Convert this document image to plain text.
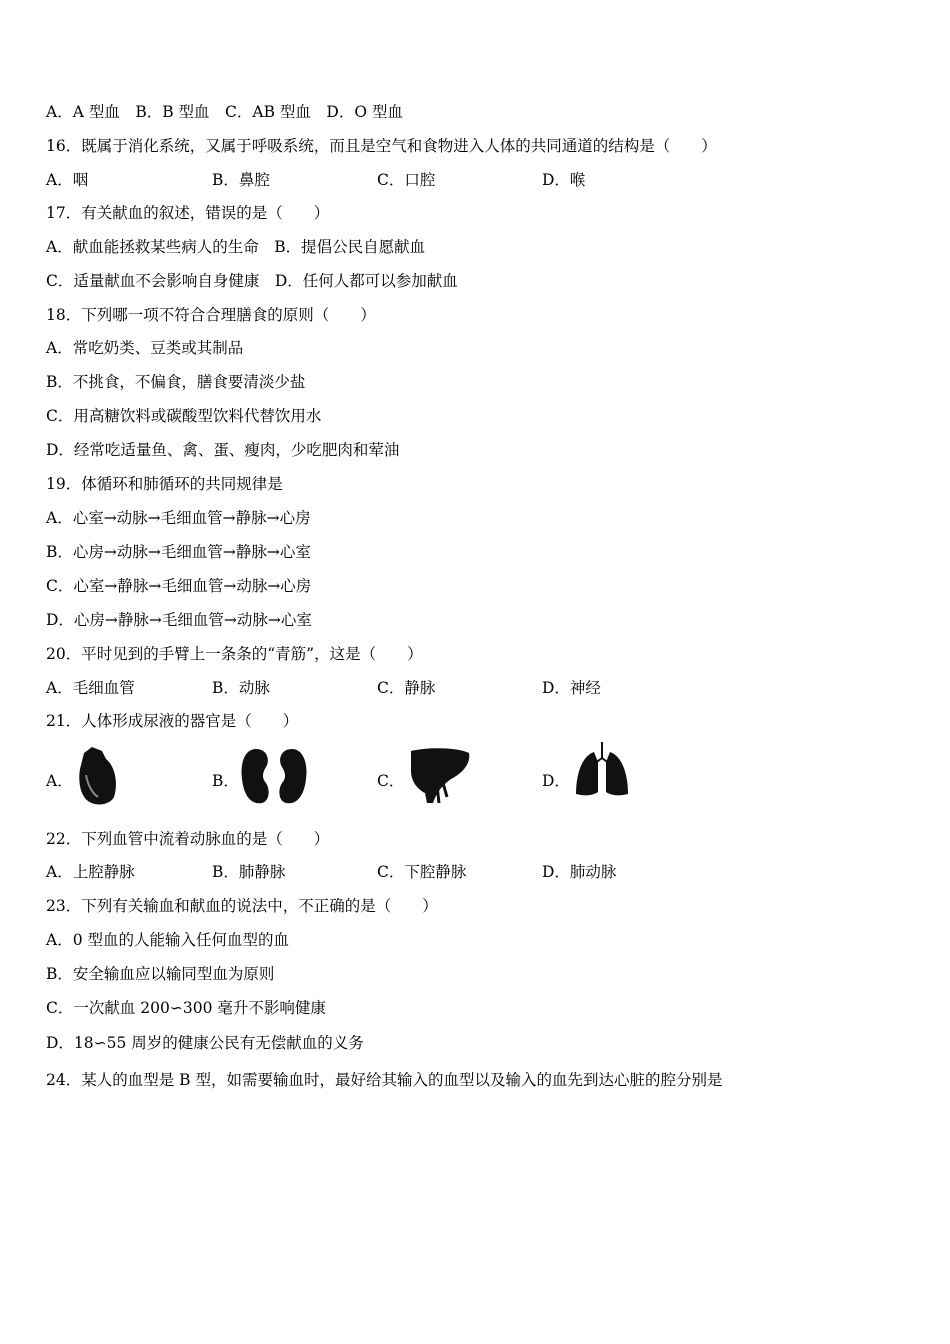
A．A 型血　B．B 型血　C．AB 型血　D．O 型血
16．既属于消化系统，又属于呼吸系统，而且是空气和食物进入人体的共同通道的结构是（　　）
A．咽	B．鼻腔	C．口腔	D．喉
17．有关献血的叙述，错误的是（　　）
A．献血能拯救某些病人的生命　B．提倡公民自愿献血
C．适量献血不会影响自身健康　D．任何人都可以参加献血
18．下列哪一项不符合合理膳食的原则（　　）
A．常吃奶类、豆类或其制品
B．不挑食，不偏食，膳食要清淡少盐
C．用高糖饮料或碳酸型饮料代替饮用水
D．经常吃适量鱼、禽、蛋、瘦肉，少吃肥肉和荤油
19．体循环和肺循环的共同规律是
A．心室→动脉→毛细血管→静脉→心房
B．心房→动脉→毛细血管→静脉→心室
C．心室→静脉→毛细血管→动脉→心房
D．心房→静脉→毛细血管→动脉→心室
20．平时见到的手臂上一条条的“青筋”，这是（　　）
A．毛细血管	B．动脉	C．静脉	D．神经
21．人体形成尿液的器官是（　　）
A．	B．	C．	D．
22．下列血管中流着动脉血的是（　　）
A．上腔静脉	B．肺静脉	C．下腔静脉	D．肺动脉
23．下列有关输血和献血的说法中，不正确的是（　　）
A．0 型血的人能输入任何血型的血
B．安全输血应以输同型血为原则
C．一次献血 200∽300 毫升不影响健康
D．18∽55 周岁的健康公民有无偿献血的义务
24．某人的血型是 B 型，如需要输血时，最好给其输入的血型以及输入的血先到达心脏的腔分别是
